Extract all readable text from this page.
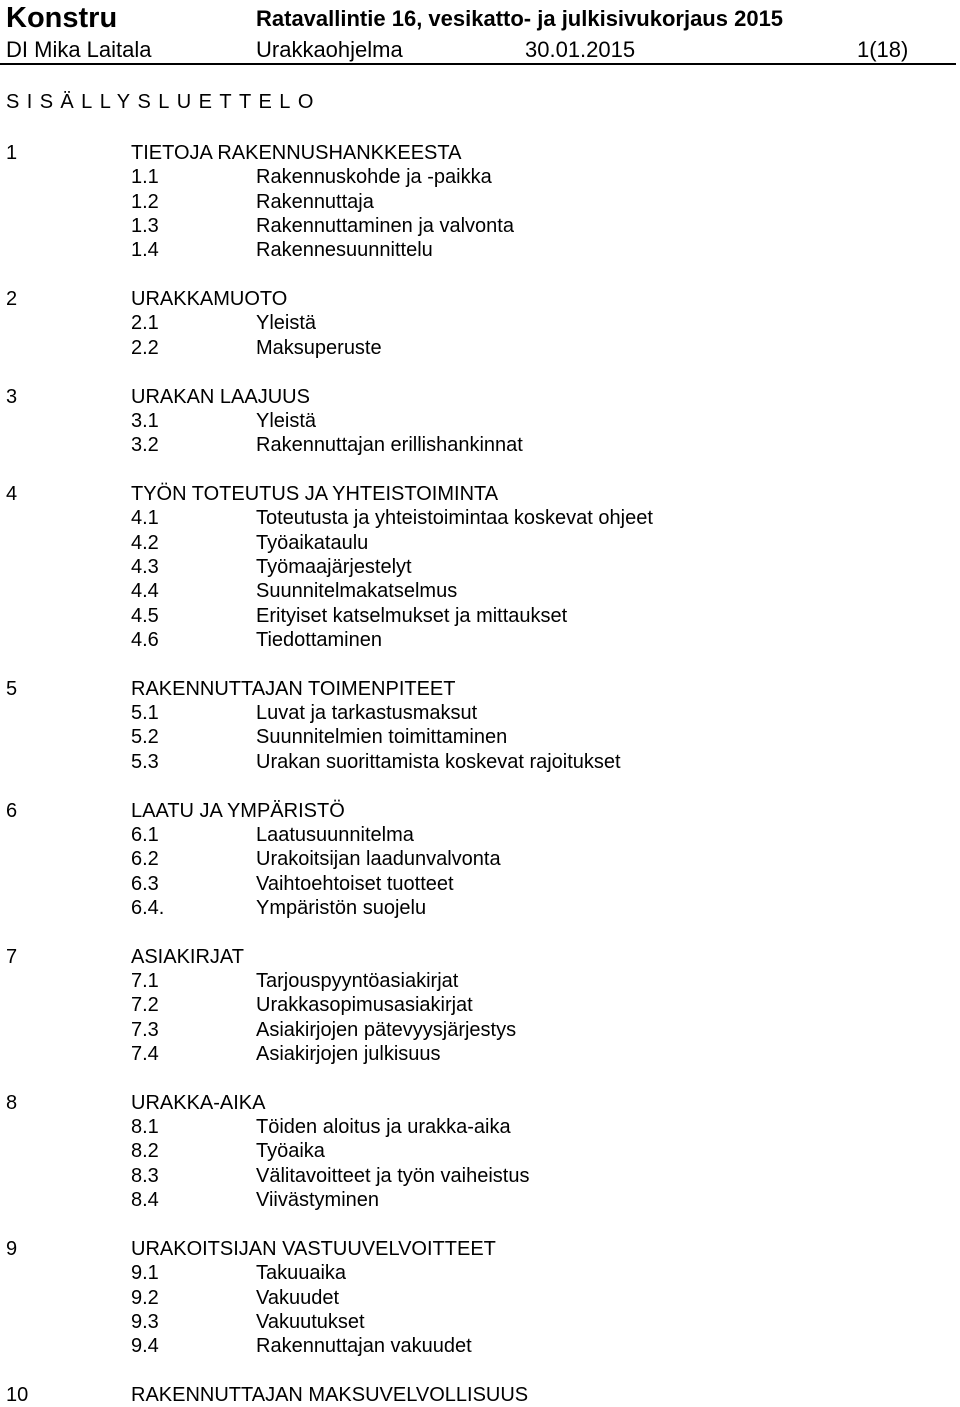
Konstru	Ratavallintie 16, vesikatto- ja julkisivukorjaus 2015
DI Mika Laitala	Urakkaohjelma	30.01.2015	1(18)
SISÄLLYSLUETTELO
1	TIETOJA RAKENNUSHANKKEESTA
1.1	Rakennuskohde ja -paikka
1.2	Rakennuttaja
1.3	Rakennuttaminen ja valvonta
1.4	Rakennesuunnittelu
2	URAKKAMUOTO
2.1	Yleistä
2.2	Maksuperuste
3	URAKAN LAAJUUS
3.1	Yleistä
3.2	Rakennuttajan erillishankinnat
4	TYÖN TOTEUTUS JA YHTEISTOIMINTA
4.1	Toteutusta ja yhteistoimintaa koskevat ohjeet
4.2	Työaikataulu
4.3	Työmaajärjestelyt
4.4	Suunnitelmakatselmus
4.5	Erityiset katselmukset ja mittaukset
4.6	Tiedottaminen
5	RAKENNUTTAJAN TOIMENPITEET
5.1	Luvat ja tarkastusmaksut
5.2	Suunnitelmien toimittaminen
5.3	Urakan suorittamista koskevat rajoitukset
6	LAATU JA YMPÄRISTÖ
6.1	Laatusuunnitelma
6.2	Urakoitsijan laadunvalvonta
6.3	Vaihtoehtoiset tuotteet
6.4.	Ympäristön suojelu
7	ASIAKIRJAT
7.1	Tarjouspyyntöasiakirjat
7.2	Urakkasopimusasiakirjat
7.3	Asiakirjojen pätevyysjärjestys
7.4	Asiakirjojen julkisuus
8	URAKKA-AIKA
8.1	Töiden aloitus ja urakka-aika
8.2	Työaika
8.3	Välitavoitteet ja työn vaiheistus
8.4	Viivästyminen
9	URAKOITSIJAN VASTUUVELVOITTEET
9.1	Takuuaika
9.2	Vakuudet
9.3	Vakuutukset
9.4	Rakennuttajan vakuudet
10	RAKENNUTTAJAN MAKSUVELVOLLISUUS
